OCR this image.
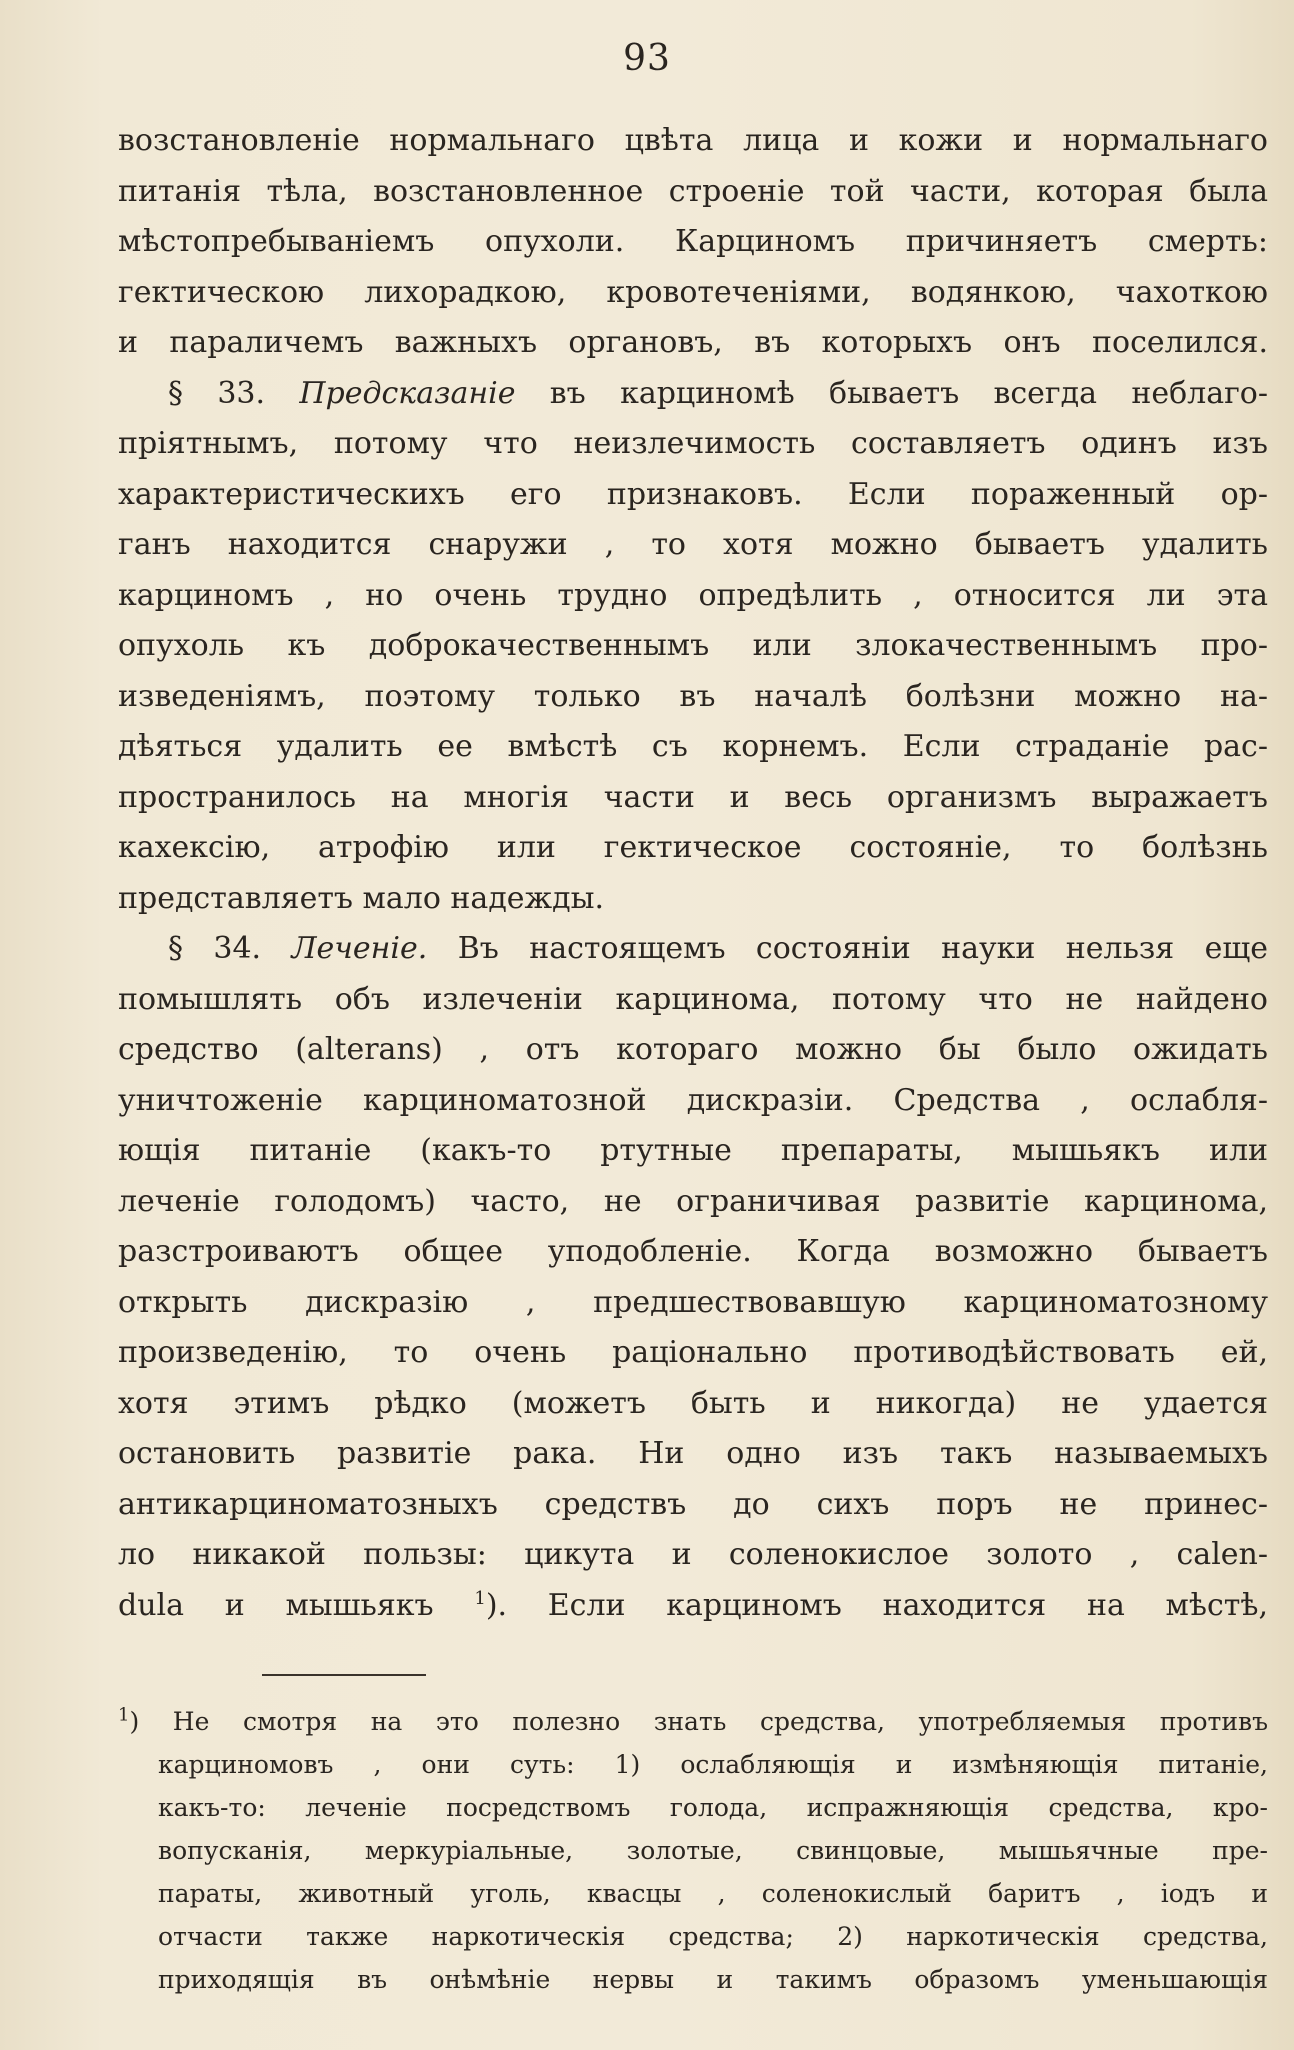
93
возстановленіе нормальнаго цвѣта лица и кожи и нормальнаго
питанія тѣла, возстановленное строеніе той части, которая была
мѣстопребываніемъ опухоли. Карциномъ причиняетъ смерть:
гектическою лихорадкою, кровотеченіями, водянкою, чахоткою
и параличемъ важныхъ органовъ, въ которыхъ онъ поселился.
§ 33. Предсказаніе въ карциномѣ бываетъ всегда неблаго-
пріятнымъ, потому что неизлечимость составляетъ одинъ изъ
характеристическихъ его признаковъ. Если пораженный ор-
ганъ находится снаружи , то хотя можно бываетъ удалить
карциномъ , но очень трудно опредѣлить , относится ли эта
опухоль къ доброкачественнымъ или злокачественнымъ про-
изведеніямъ, поэтому только въ началѣ болѣзни можно на-
дѣяться удалить ее вмѣстѣ съ корнемъ. Если страданіе рас-
пространилось на многія части и весь организмъ выражаетъ
кахексію, атрофію или гектическое состояніе, то болѣзнь
представляетъ мало надежды.
§ 34. Леченіе. Въ настоящемъ состояніи науки нельзя еще
помышлять объ излеченіи карцинома, потому что не найдено
средство (alterans) , отъ котораго можно бы было ожидать
уничтоженіе карциноматозной дискразіи. Средства , ослабля-
ющія питаніе (какъ-то ртутные препараты, мышьякъ или
леченіе голодомъ) часто, не ограничивая развитіе карцинома,
разстроиваютъ общее уподобленіе. Когда возможно бываетъ
открыть дискразію , предшествовавшую карциноматозному
произведенію, то очень раціонально противодѣйствовать ей,
хотя этимъ рѣдко (можетъ быть и никогда) не удается
остановить развитіе рака. Ни одно изъ такъ называемыхъ
антикарциноматозныхъ средствъ до сихъ поръ не принес-
ло никакой пользы: цикута и соленокислое золото , calen-
dula и мышьякъ $^1$). Если карциномъ находится на мѣстѣ,
$^1$) Не смотря на это полезно знать средства, употребляемыя противъ
карциномовъ , они суть: 1) ослабляющія и измѣняющія питаніе,
какъ-то: леченіе посредствомъ голода, испражняющія средства, кро-
вопусканія, меркуріальные, золотые, свинцовые, мышьячные пре-
параты, животный уголь, квасцы , соленокислый баритъ , іодъ и
отчасти также наркотическія средства; 2) наркотическія средства,
приходящія въ онѣмѣніе нервы и такимъ образомъ уменьшающія
